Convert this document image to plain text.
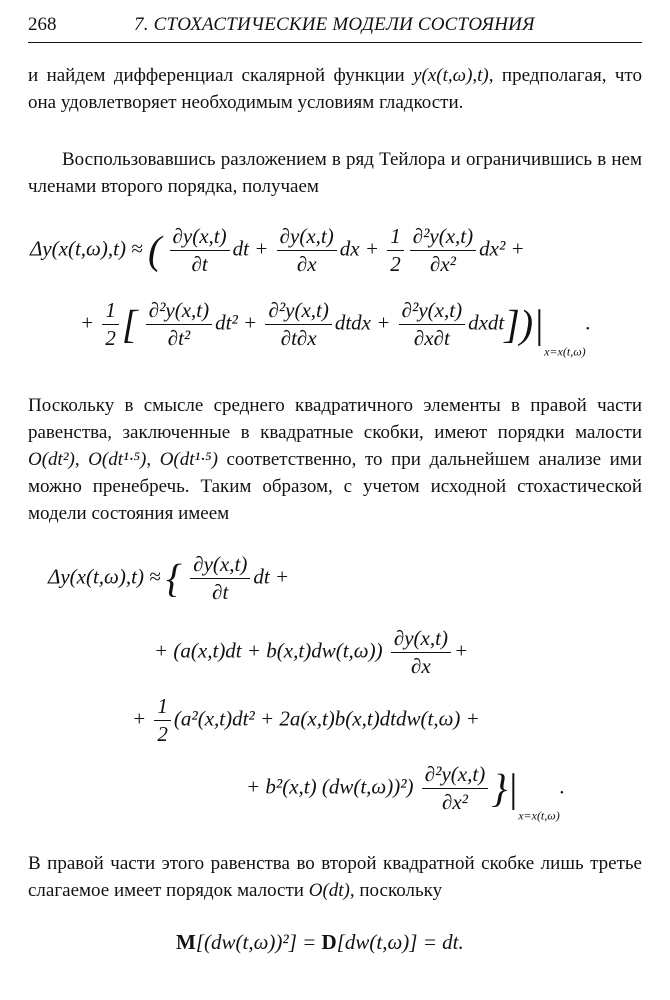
268	7. СТОХАСТИЧЕСКИЕ МОДЕЛИ СОСТОЯНИЯ
и найдем дифференциал скалярной функции y(x(t,ω),t), предполагая, что она удовлетворяет необходимым условиям гладкости.
Воспользовавшись разложением в ряд Тейлора и ограничившись в нем членами второго порядка, получаем
Δy(x(t,ω),t) ≈ ( $\frac{\partial y(x,t)}{\partial t}$ dt + $\frac{\partial y(x,t)}{\partial x}$ dx + $\frac{1}{2} \frac{\text{∂²y(x,t)}}{\text{∂x²}} dx^2$ +
+ $\frac{1}{2}$ [ $\frac{\text{∂²y(x,t)}}{\text{∂t²}} dt^2 + \frac{\text{∂²y(x,t)}}{\partial t\partial x}$ dtdx + $\frac{\text{∂²y(x,t)}}{\partial x\partial t}$ $dxdt])|_{x=x(t,\omega)}$.
Поскольку в смысле среднего квадратичного элементы в правой части равенства, заключенные в квадратные скобки, имеют порядки малости O(dt²), O(dt¹·⁵), O(dt¹·⁵) соответственно, то при дальнейшем анализе ими можно пренебречь. Таким образом, с учетом исходной стохастической модели состояния имеем
Δy(x(t,ω),t) ≈ { $\frac{\partial y(x,t)}{\partial t}$ dt +
+ $(a(x,t)dt + b(x,t)dw(t,\omega)) \frac{\partial y(x,t)}{\partial x}$ +
+ $\frac{1}{2} (a^2(x,t)dt^2$ + 2a(x,t)b(x,t)dtdw(t,ω) +
+ b²(x,t) $(dw(t,\omega))^2) \frac{\text{∂²y(x,t)}}{\text{∂x²}} \}|_{x=x(t,\omega)}$.
В правой части этого равенства во второй квадратной скобке лишь третье слагаемое имеет порядок малости O(dt), поскольку
M[(dw(t,ω))²] = D[dw(t,ω)] = dt.
